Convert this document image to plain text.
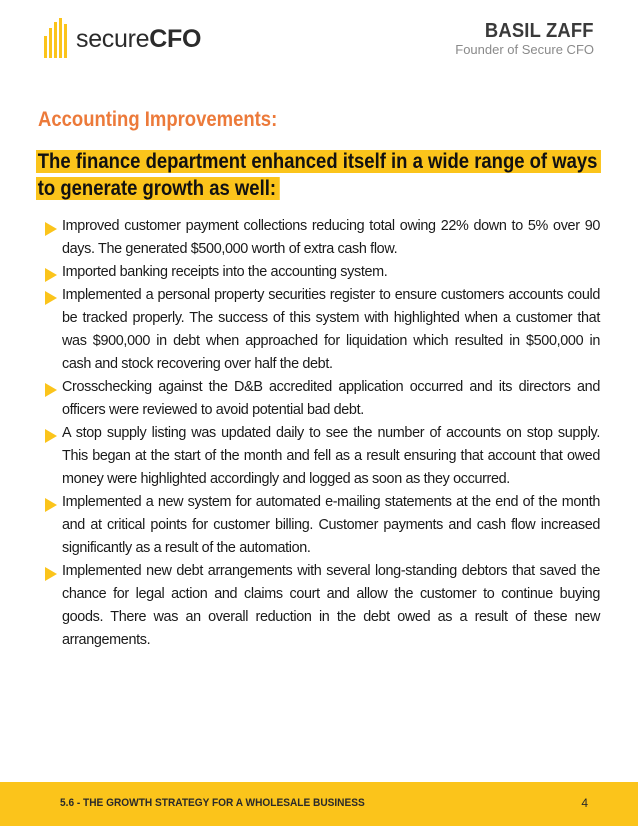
secureCFO	BASIL ZAFF
Founder of Secure CFO
Accounting Improvements:
The finance department enhanced itself in a wide range of ways to generate growth as well:
Improved customer payment collections reducing total owing 22% down to 5% over 90 days. The generated $500,000 worth of extra cash flow.
Imported banking receipts into the accounting system.
Implemented a personal property securities register to ensure customers accounts could be tracked properly. The success of this system with highlighted when a customer that was $900,000 in debt when approached for liquidation which resulted in $500,000 in cash and stock recovering over half the debt.
Crosschecking against the D&B accredited application occurred and its directors and officers were reviewed to avoid potential bad debt.
A stop supply listing was updated daily to see the number of accounts on stop supply. This began at the start of the month and fell as a result ensuring that account that owed money were highlighted accordingly and logged as soon as they occurred.
Implemented a new system for automated e-mailing statements at the end of the month and at critical points for customer billing. Customer payments and cash flow increased significantly as a result of the automation.
Implemented new debt arrangements with several long-standing debtors that saved the chance for legal action and claims court and allow the customer to continue buying goods. There was an overall reduction in the debt owed as a result of these new arrangements.
5.6 - THE GROWTH STRATEGY FOR A WHOLESALE BUSINESS	4
